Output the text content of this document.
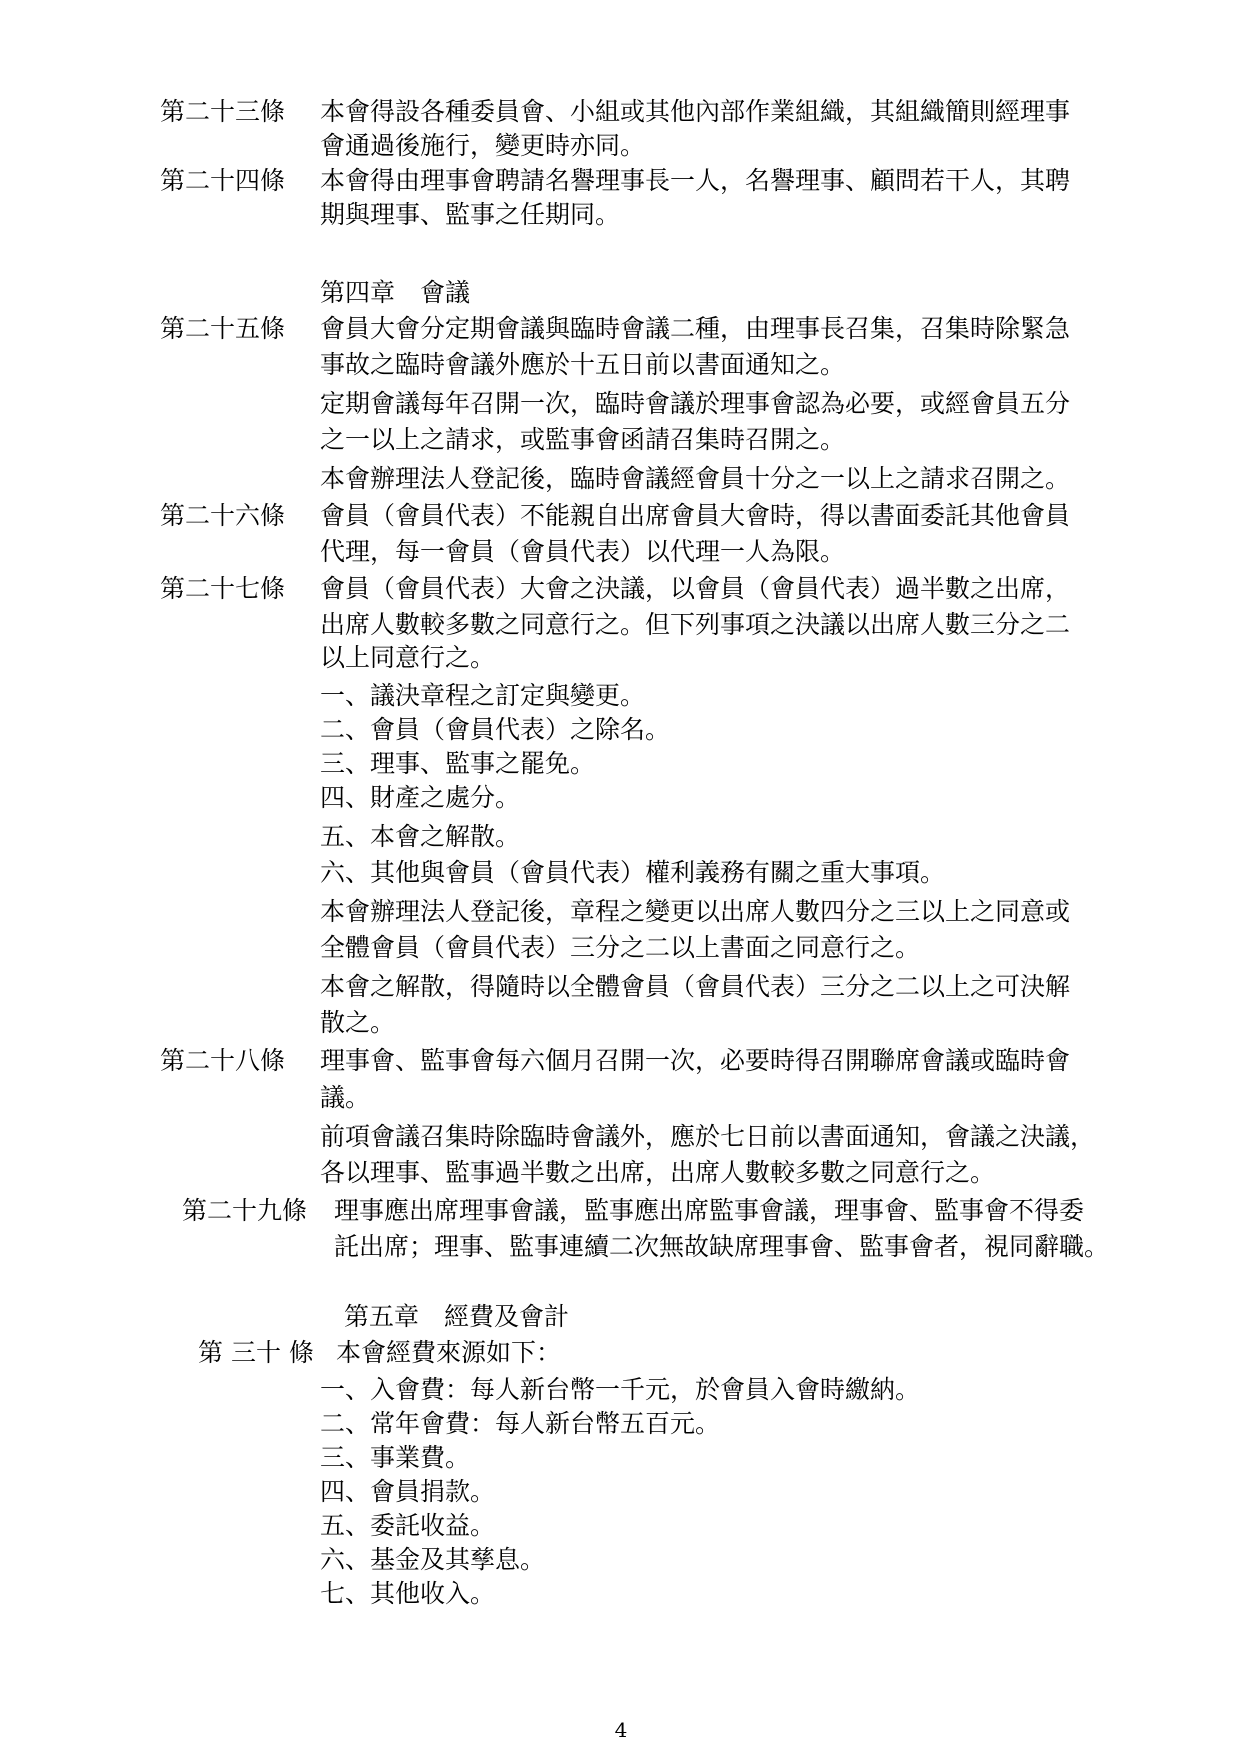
第二十三條 本會得設各種委員會、小組或其他內部作業組織，其組織簡則經理事
會通過後施行，變更時亦同。
第二十四條 本會得由理事會聘請名譽理事長一人，名譽理事、顧問若干人，其聘
期與理事、監事之任期同。
第四章　會議
第二十五條 會員大會分定期會議與臨時會議二種，由理事長召集，召集時除緊急
事故之臨時會議外應於十五日前以書面通知之。
定期會議每年召開一次，臨時會議於理事會認為必要，或經會員五分
之一以上之請求，或監事會函請召集時召開之。
本會辦理法人登記後，臨時會議經會員十分之一以上之請求召開之。
第二十六條 會員（會員代表）不能親自出席會員大會時，得以書面委託其他會員
代理，每一會員（會員代表）以代理一人為限。
第二十七條 會員（會員代表）大會之決議，以會員（會員代表）過半數之出席，
出席人數較多數之同意行之。但下列事項之決議以出席人數三分之二
以上同意行之。
一、議決章程之訂定與變更。
二、會員（會員代表）之除名。
三、理事、監事之罷免。
四、財產之處分。
五、本會之解散。
六、其他與會員（會員代表）權利義務有關之重大事項。
本會辦理法人登記後，章程之變更以出席人數四分之三以上之同意或
全體會員（會員代表）三分之二以上書面之同意行之。
本會之解散，得隨時以全體會員（會員代表）三分之二以上之可決解
散之。
第二十八條 理事會、監事會每六個月召開一次，必要時得召開聯席會議或臨時會
議。
前項會議召集時除臨時會議外，應於七日前以書面通知，會議之決議，
各以理事、監事過半數之出席，出席人數較多數之同意行之。
第二十九條 理事應出席理事會議，監事應出席監事會議，理事會、監事會不得委
託出席；理事、監事連續二次無故缺席理事會、監事會者，視同辭職。
第五章　經費及會計
第 三十 條 本會經費來源如下：
一、入會費：每人新台幣一千元，於會員入會時繳納。
二、常年會費：每人新台幣五百元。
三、事業費。
四、會員捐款。
五、委託收益。
六、基金及其孳息。
七、其他收入。
4
